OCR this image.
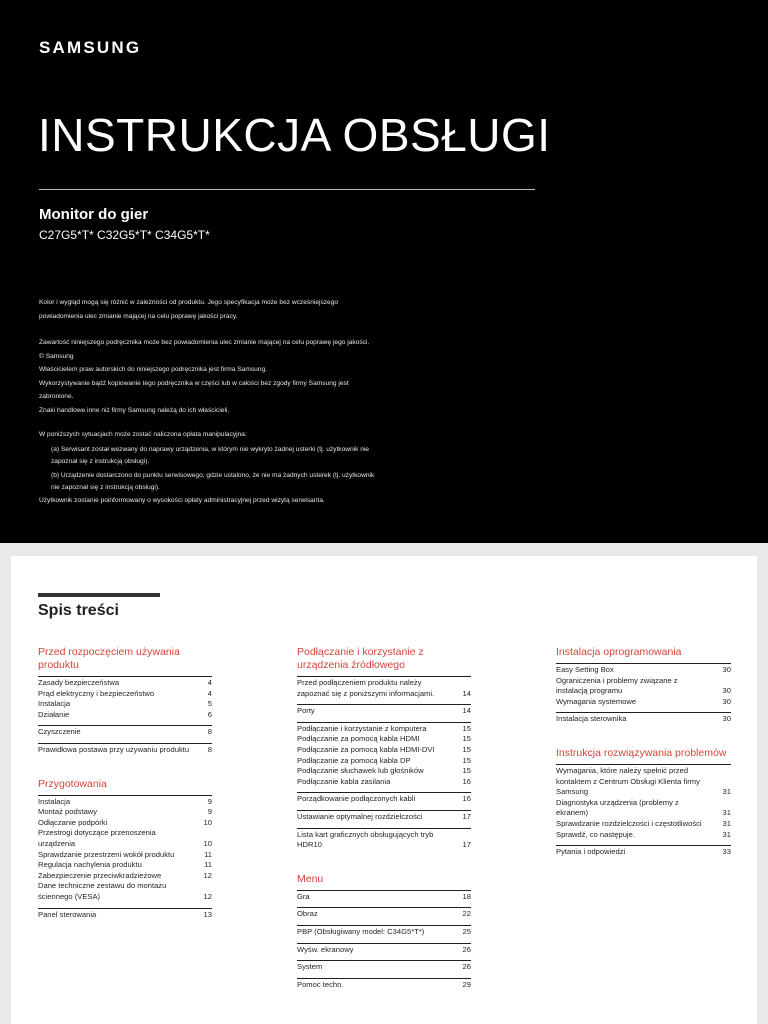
SAMSUNG
INSTRUKCJA OBSŁUGI
Monitor do gier
C27G5*T* C32G5*T* C34G5*T*

Kolor i wygląd mogą się różnić w zależności od produktu. Jego specyfikacja może bez wcześniejszego powiadomienia ulec zmianie mającej na celu poprawę jakości pracy.

Zawartość niniejszego podręcznika może bez powiadomienia ulec zmianie mającej na celu poprawę jego jakości.

© Samsung

Właścicielem praw autorskich do niniejszego podręcznika jest firma Samsung.

Wykorzystywanie bądź kopiowanie tego podręcznika w części lub w całości bez zgody firmy Samsung jest zabronione.

Znaki handlowe inne niż firmy Samsung należą do ich właścicieli.

W poniższych sytuacjach może zostać naliczona opłata manipulacyjna:

(a) Serwisant został wezwany do naprawy urządzenia, w którym nie wykryto żadnej usterki (tj. użytkownik nie zapoznał się z instrukcją obsługi).

(b) Urządzenie dostarczono do punktu serwisowego, gdzie ustalono, że nie ma żadnych usterek (tj. użytkownik nie zapoznał się z instrukcją obsługi).

Użytkownik zostanie poinformowany o wysokości opłaty administracyjnej przed wizytą serwisanta.

Spis treści
Przed rozpoczęciem używania produktu
Zasady bezpieczeństwa	4
Prąd elektryczny i bezpieczeństwo	4
Instalacja	5
Działanie	6
Czyszczenie	8
Prawidłowa postawa przy używaniu produktu	8
Przygotowania
Instalacja	9
Montaż podstawy	9
Odłączanie podpórki	10
Przestrogi dotyczące przenoszenia urządzenia	10
Sprawdzanie przestrzeni wokół produktu	11
Regulacja nachylenia produktu	11
Zabezpieczenie przeciwkradzieżowe	12
Dane techniczne zestawu do montażu ściennego (VESA)	12
Panel sterowania	13
Podłączanie i korzystanie z urządzenia źródłowego
Przed podłączeniem produktu należy zapoznać się z poniższymi informacjami.	14
Porty	14
Podłączanie i korzystanie z komputera	15
Podłączanie za pomocą kabla HDMI	15
Podłączanie za pomocą kabla HDMI-DVI	15
Podłączanie za pomocą kabla DP	15
Podłączanie słuchawek lub głośników	15
Podłączanie kabla zasilania	16
Porządkowanie podłączonych kabli	16
Ustawianie optymalnej rozdzielczości	17
Lista kart graficznych obsługujących tryb HDR10	17
Menu
Gra	18
Obraz	22
PBP (Obsługiwany model: C34G5*T*)	25
Wyśw. ekranowy	26
System	26
Pomoc techn.	29
Instalacja oprogramowania
Easy Setting Box	30
Ograniczenia i problemy związane z instalacją programu	30
Wymagania systemowe	30
Instalacja sterownika	30
Instrukcja rozwiązywania problemów
Wymagania, które należy spełnić przed kontaktem z Centrum Obsługi Klienta firmy Samsung	31
Diagnostyka urządzenia (problemy z ekranem)	31
Sprawdzanie rozdzielczości i częstotliwości	31
Sprawdź, co następuje.	31
Pytania i odpowiedzi	33
